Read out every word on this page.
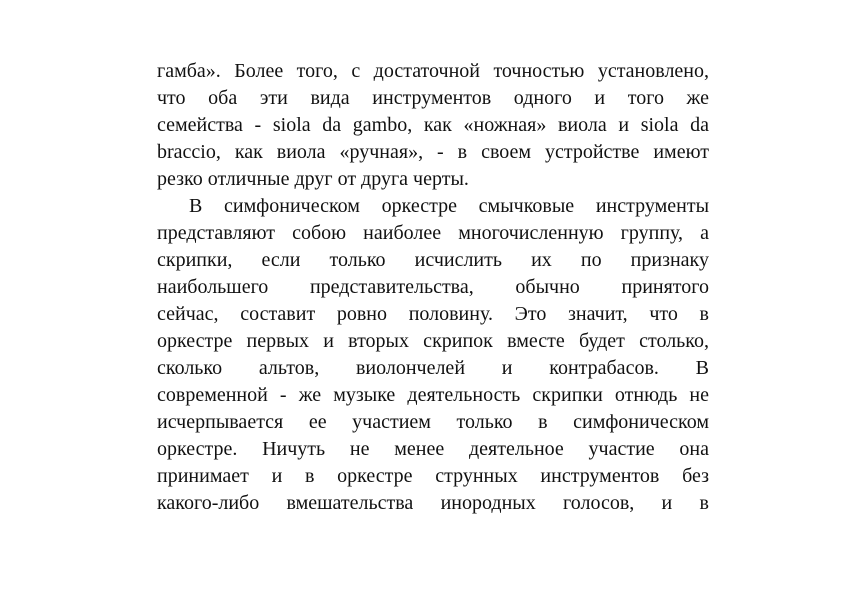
гамба». Более того, с достаточной точностью установлено,
что оба эти вида инструментов одного и того же
семейства - siola da gambo, как «ножная» виола и siola da
braccio, как виола «ручная», - в своем устройстве имеют
резко отличные друг от друга черты.
В симфоническом оркестре смычковые инструменты
представляют собою наиболее многочисленную группу, а
скрипки, если только исчислить их по признаку
наибольшего представительства, обычно принятого
сейчас, составит ровно половину. Это значит, что в
оркестре первых и вторых скрипок вместе будет столько,
сколько альтов, виолончелей и контрабасов. В
современной - же музыке деятельность скрипки отнюдь не
исчерпывается ее участием только в симфоническом
оркестре. Ничуть не менее деятельное участие она
принимает и в оркестре струнных инструментов без
какого-либо вмешательства инородных голосов, и в
